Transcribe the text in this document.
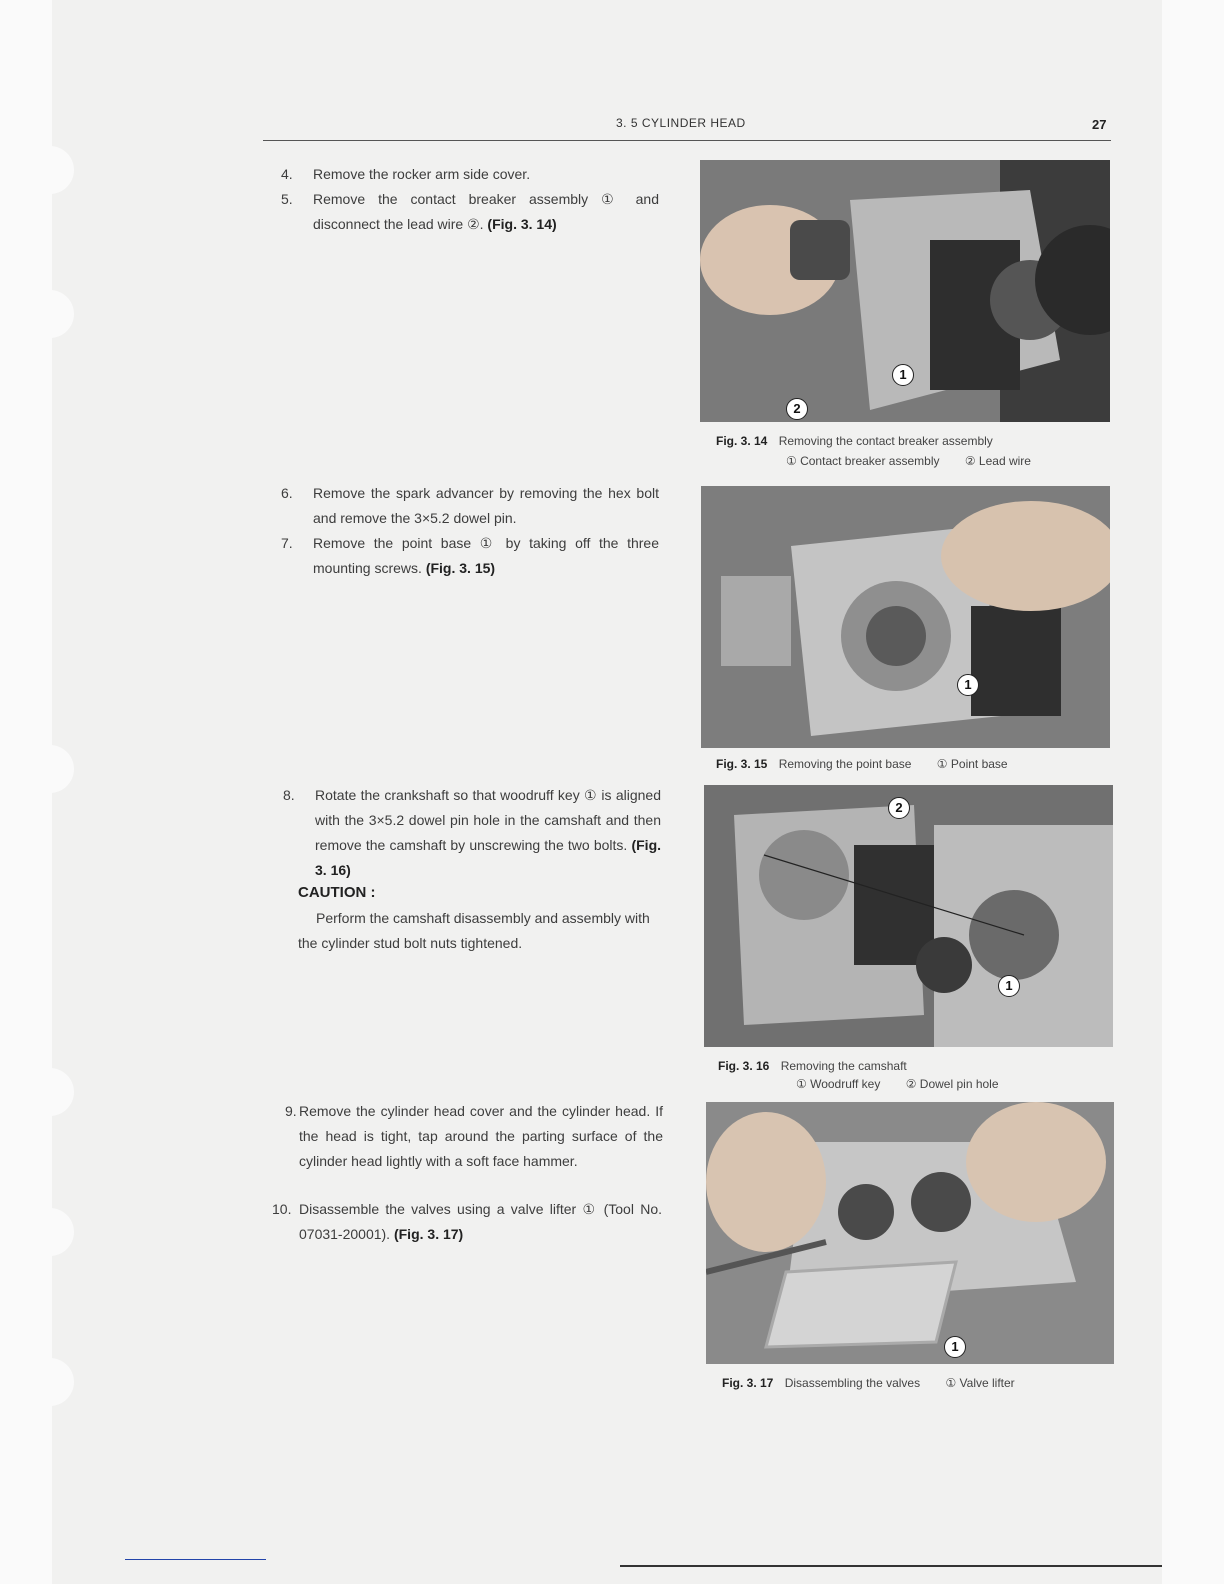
3. 5 CYLINDER HEAD	27
4.	Remove the rocker arm side cover.
5.	Remove the contact breaker assembly ① and disconnect the lead wire ②. (Fig. 3. 14)
6.	Remove the spark advancer by removing the hex bolt and remove the 3×5.2 dowel pin.
7.	Remove the point base ① by taking off the three mounting screws. (Fig. 3. 15)
8.	Rotate the crankshaft so that woodruff key ① is aligned with the 3×5.2 dowel pin hole in the camshaft and then remove the camshaft by unscrewing the two bolts. (Fig. 3. 16)
CAUTION :
Perform the camshaft disassembly and assembly with the cylinder stud bolt nuts tightened.
9. Remove the cylinder head cover and the cylinder head. If the head is tight, tap around the parting surface of the cylinder head lightly with a soft face hammer.
10. Disassemble the valves using a valve lifter ① (Tool No. 07031-20001). (Fig. 3. 17)
1
2
Fig. 3. 14 Removing the contact breaker assembly
① Contact breaker assembly ② Lead wire
1
Fig. 3. 15 Removing the point base ① Point base
2
1
Fig. 3. 16 Removing the camshaft
① Woodruff key ② Dowel pin hole
1
Fig. 3. 17 Disassembling the valves ① Valve lifter
